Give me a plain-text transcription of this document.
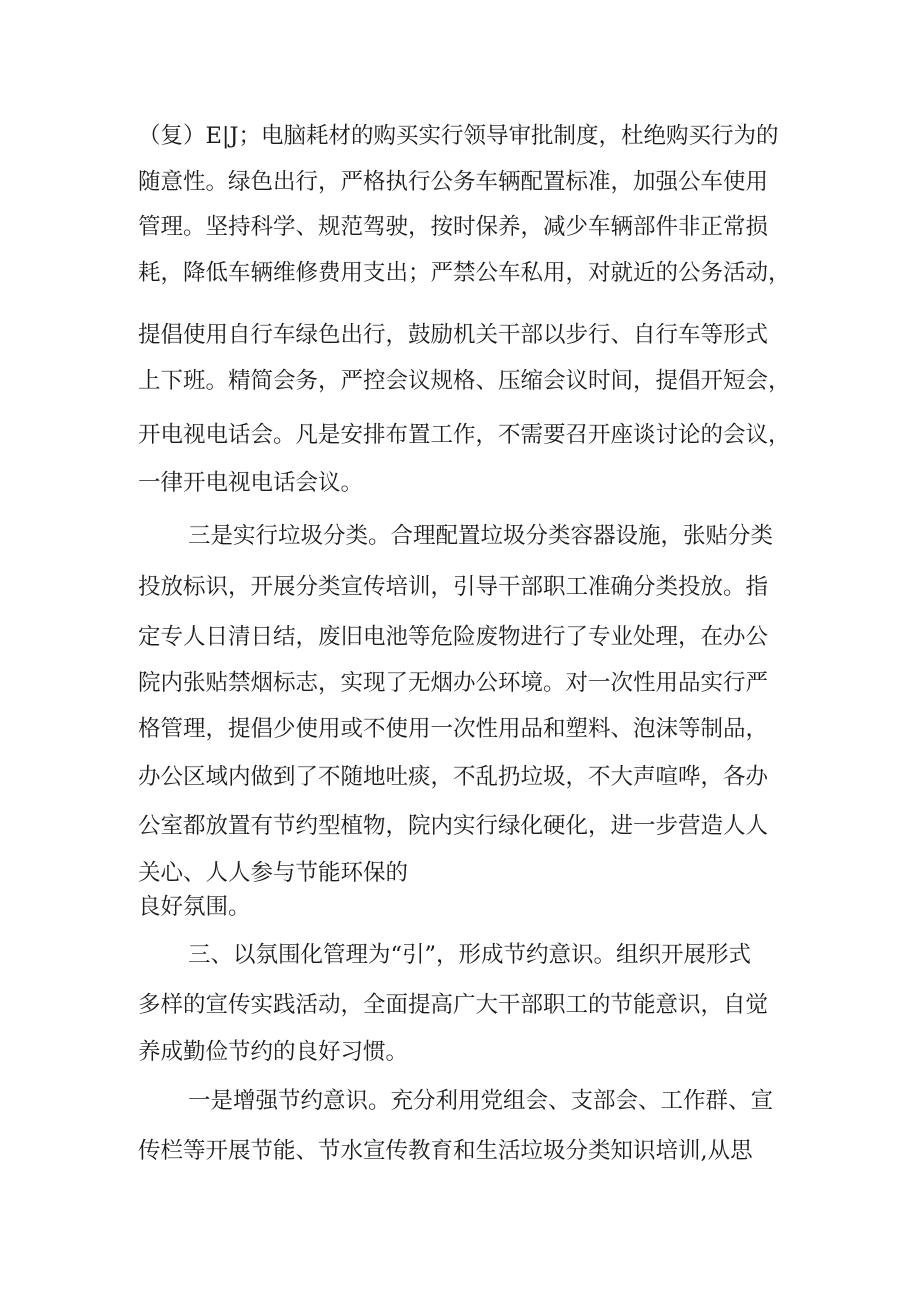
（复）E|J；电脑耗材的购买实行领导审批制度，杜绝购买行为的
随意性。绿色出行，严格执行公务车辆配置标准，加强公车使用
管理。坚持科学、规范驾驶，按时保养，减少车辆部件非正常损
耗，降低车辆维修费用支出；严禁公车私用，对就近的公务活动，
提倡使用自行车绿色出行，鼓励机关干部以步行、自行车等形式
上下班。精简会务，严控会议规格、压缩会议时间，提倡开短会，
开电视电话会。凡是安排布置工作，不需要召开座谈讨论的会议，
一律开电视电话会议。
三是实行垃圾分类。合理配置垃圾分类容器设施，张贴分类
投放标识，开展分类宣传培训，引导干部职工准确分类投放。指
定专人日清日结，废旧电池等危险废物进行了专业处理，在办公
院内张贴禁烟标志，实现了无烟办公环境。对一次性用品实行严
格管理，提倡少使用或不使用一次性用品和塑料、泡沫等制品，
办公区域内做到了不随地吐痰，不乱扔垃圾，不大声喧哗，各办
公室都放置有节约型植物，院内实行绿化硬化，进一步营造人人
关心、人人参与节能环保的
良好氛围。
三、以氛围化管理为“引”，形成节约意识。组织开展形式
多样的宣传实践活动，全面提高广大干部职工的节能意识，自觉
养成勤俭节约的良好习惯。
一是增强节约意识。充分利用党组会、支部会、工作群、宣
传栏等开展节能、节水宣传教育和生活垃圾分类知识培训,从思
